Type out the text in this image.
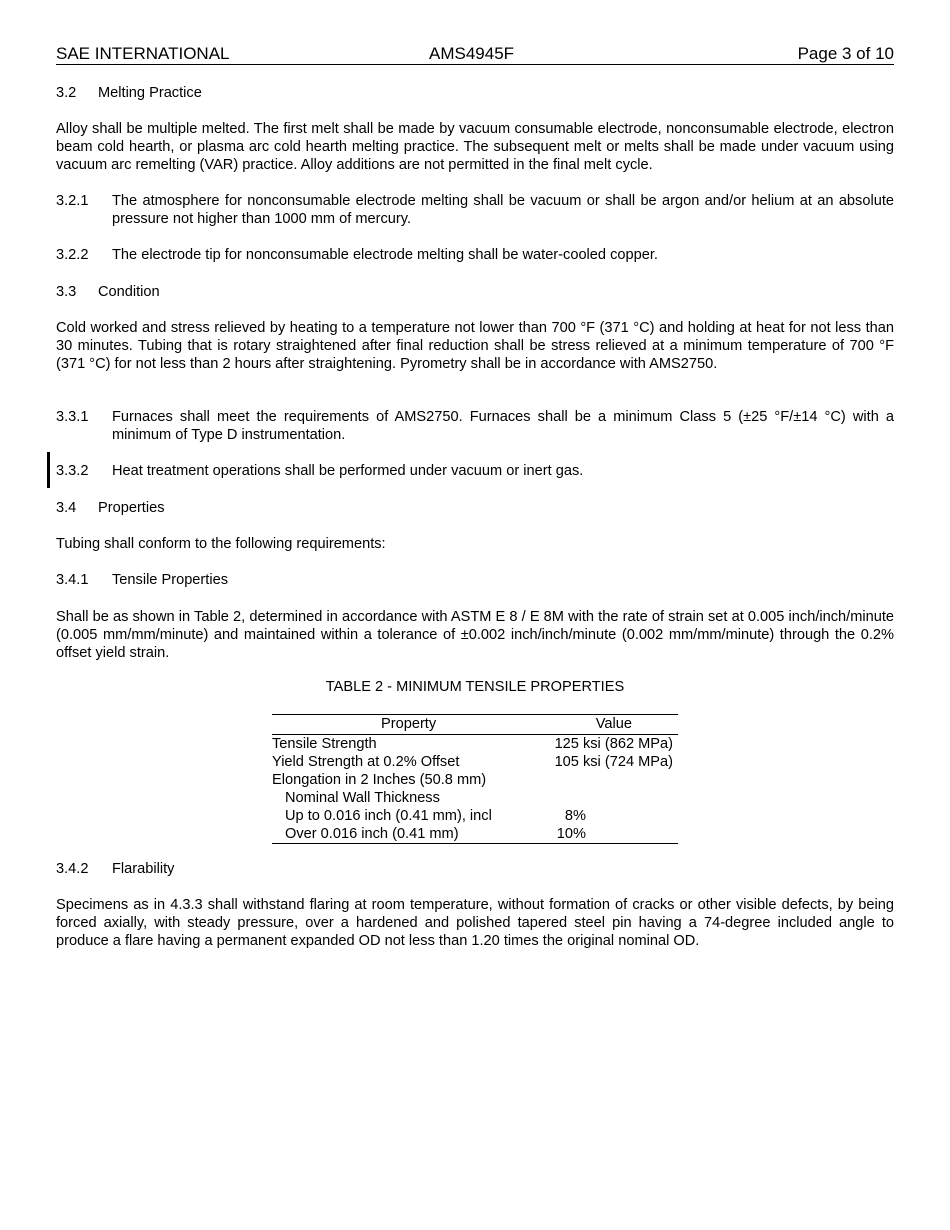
SAE INTERNATIONAL	AMS4945F	Page 3 of 10
3.2 Melting Practice
Alloy shall be multiple melted. The first melt shall be made by vacuum consumable electrode, nonconsumable electrode, electron beam cold hearth, or plasma arc cold hearth melting practice. The subsequent melt or melts shall be made under vacuum using vacuum arc remelting (VAR) practice. Alloy additions are not permitted in the final melt cycle.
3.2.1 The atmosphere for nonconsumable electrode melting shall be vacuum or shall be argon and/or helium at an absolute pressure not higher than 1000 mm of mercury.
3.2.2 The electrode tip for nonconsumable electrode melting shall be water-cooled copper.
3.3 Condition
Cold worked and stress relieved by heating to a temperature not lower than 700 °F (371 °C) and holding at heat for not less than 30 minutes. Tubing that is rotary straightened after final reduction shall be stress relieved at a minimum temperature of 700 °F (371 °C) for not less than 2 hours after straightening. Pyrometry shall be in accordance with AMS2750.
3.3.1 Furnaces shall meet the requirements of AMS2750. Furnaces shall be a minimum Class 5 (±25 °F/±14 °C) with a minimum of Type D instrumentation.
3.3.2 Heat treatment operations shall be performed under vacuum or inert gas.
3.4 Properties
Tubing shall conform to the following requirements:
3.4.1 Tensile Properties
Shall be as shown in Table 2, determined in accordance with ASTM E 8 / E 8M with the rate of strain set at 0.005 inch/inch/minute (0.005 mm/mm/minute) and maintained within a tolerance of ±0.002 inch/inch/minute (0.002 mm/mm/minute) through the 0.2% offset yield strain.
TABLE 2 - MINIMUM TENSILE PROPERTIES
Property	Value
Tensile Strength	125 ksi (862 MPa)
Yield Strength at 0.2% Offset	105 ksi (724 MPa)
Elongation in 2 Inches (50.8 mm)
Nominal Wall Thickness
Up to 0.016 inch (0.41 mm), incl	8%
Over 0.016 inch (0.41 mm)	10%
3.4.2 Flarability
Specimens as in 4.3.3 shall withstand flaring at room temperature, without formation of cracks or other visible defects, by being forced axially, with steady pressure, over a hardened and polished tapered steel pin having a 74-degree included angle to produce a flare having a permanent expanded OD not less than 1.20 times the original nominal OD.
